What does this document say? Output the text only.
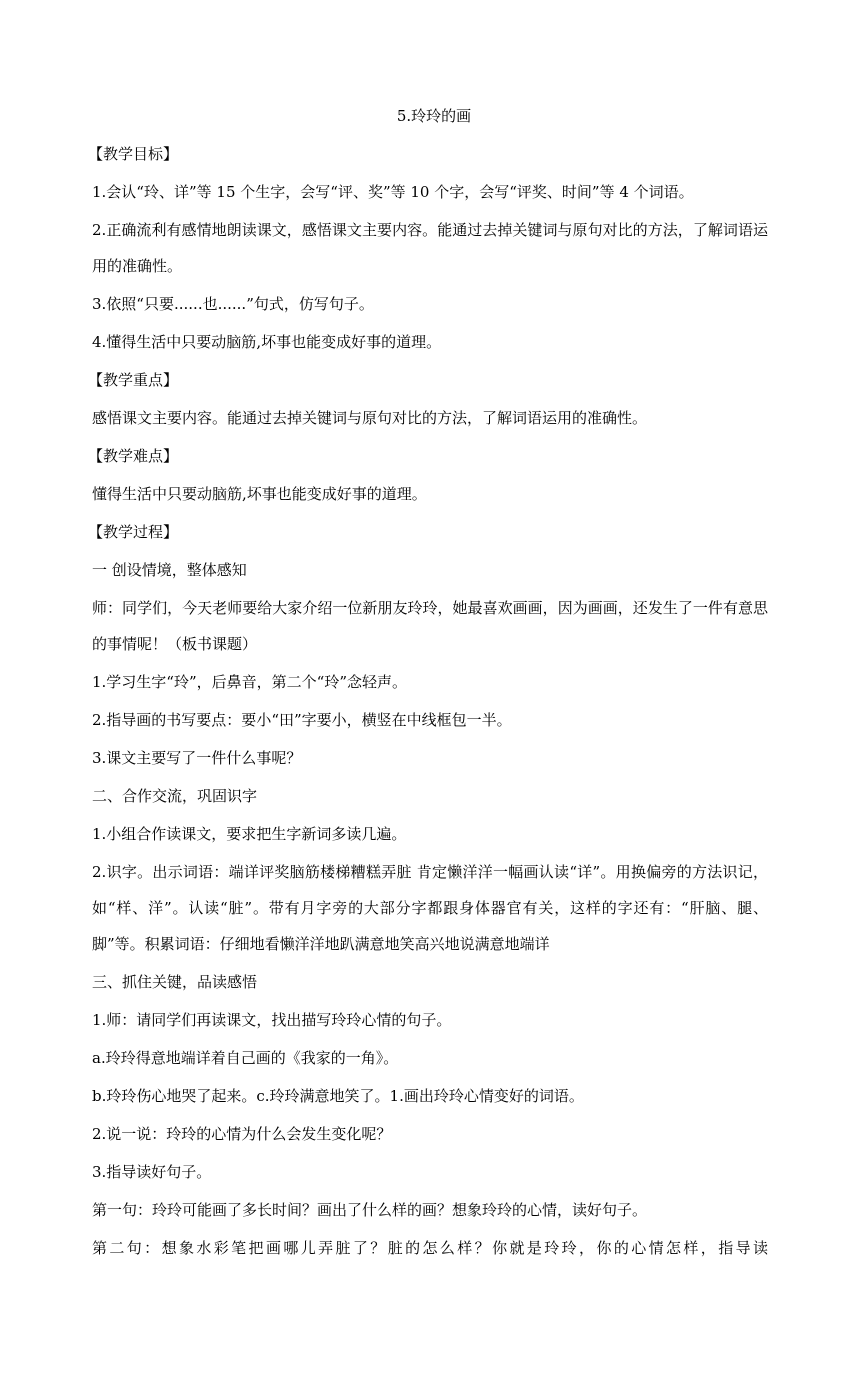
5.玲玲的画
【教学目标】
1.会认“玲、详”等 15 个生字，会写“评、奖”等 10 个字，会写“评奖、时间”等 4 个词语。
2.正确流利有感情地朗读课文，感悟课文主要内容。能通过去掉关键词与原句对比的方法，了解词语运用的准确性。
3.依照“只要......也......”句式，仿写句子。
4.懂得生活中只要动脑筋,坏事也能变成好事的道理。
【教学重点】
感悟课文主要内容。能通过去掉关键词与原句对比的方法，了解词语运用的准确性。
【教学难点】
懂得生活中只要动脑筋,坏事也能变成好事的道理。
【教学过程】
一 创设情境，整体感知
师：同学们，今天老师要给大家介绍一位新朋友玲玲，她最喜欢画画，因为画画，还发生了一件有意思的事情呢！（板书课题）
1.学习生字“玲”，后鼻音，第二个“玲”念轻声。
2.指导画的书写要点：要小“田”字要小，横竖在中线框包一半。
3.课文主要写了一件什么事呢？
二、合作交流，巩固识字
1.小组合作读课文，要求把生字新词多读几遍。
2.识字。出示词语：端详评奖脑筋楼梯糟糕弄脏 肯定懒洋洋一幅画认读“详”。用换偏旁的方法识记，如“样、洋”。认读“脏”。带有月字旁的大部分字都跟身体器官有关，这样的字还有：“肝脑、腿、脚”等。积累词语：仔细地看懒洋洋地趴满意地笑高兴地说满意地端详
三、抓住关键，品读感悟
1.师：请同学们再读课文，找出描写玲玲心情的句子。
a.玲玲得意地端详着自己画的《我家的一角》。
b.玲玲伤心地哭了起来。c.玲玲满意地笑了。1.画出玲玲心情变好的词语。
2.说一说：玲玲的心情为什么会发生变化呢？
3.指导读好句子。
第一句：玲玲可能画了多长时间？画出了什么样的画？想象玲玲的心情，读好句子。
第二句：想象水彩笔把画哪儿弄脏了？脏的怎么样？你就是玲玲，你的心情怎样，指导读
